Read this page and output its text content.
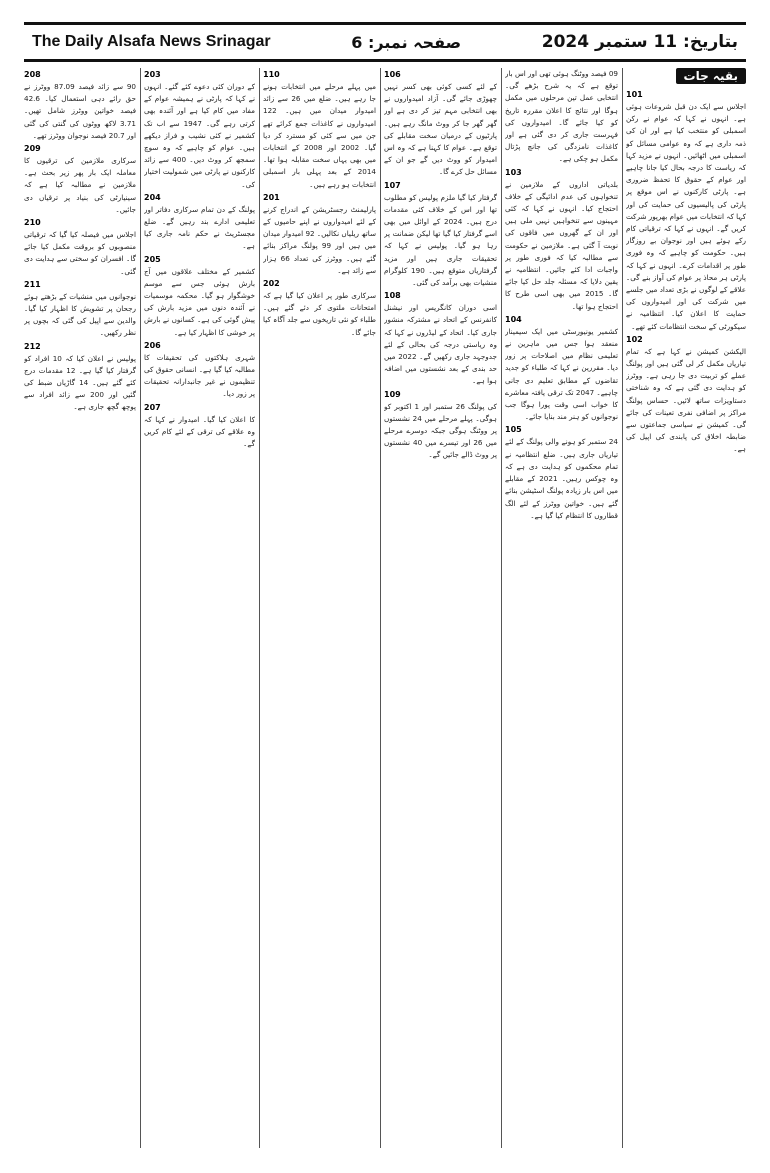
The Daily Alsafa News Srinagar	صفحہ نمبر: 6	بتاریخ: 11 ستمبر 2024
بقیہ جات
101

اجلاس سے ایک دن قبل شروعات ہوئی ہے۔ انہوں نے کہا کہ عوام نے رکن اسمبلی کو منتخب کیا ہے اور ان کی ذمہ داری ہے کہ وہ عوامی مسائل کو اسمبلی میں اٹھائیں۔ انہوں نے مزید کہا کہ ریاست کا درجہ بحال کیا جانا چاہیے اور عوام کے حقوق کا تحفظ ضروری ہے۔ پارٹی کارکنوں نے اس موقع پر پارٹی کی پالیسیوں کی حمایت کی اور کہا کہ انتخابات میں عوام بھرپور شرکت کریں گے۔ انہوں نے کہا کہ ترقیاتی کام رکے ہوئے ہیں اور نوجوان بے روزگار ہیں۔ حکومت کو چاہیے کہ وہ فوری طور پر اقدامات کرے۔ انہوں نے کہا کہ پارٹی ہر محاذ پر عوام کی آواز بنے گی۔ علاقے کے لوگوں نے بڑی تعداد میں جلسے میں شرکت کی اور امیدواروں کی حمایت کا اعلان کیا۔ انتظامیہ نے سیکورٹی کے سخت انتظامات کئے تھے۔

102

الیکشن کمیشن نے کہا ہے کہ تمام تیاریاں مکمل کر لی گئی ہیں اور پولنگ عملے کو تربیت دی جا رہی ہے۔ ووٹرز کو ہدایت دی گئی ہے کہ وہ شناختی دستاویزات ساتھ لائیں۔ حساس پولنگ مراکز پر اضافی نفری تعینات کی جائے گی۔ کمیشن نے سیاسی جماعتوں سے ضابطہ اخلاق کی پابندی کی اپیل کی ہے۔

09 فیصد ووٹنگ ہوئی تھی اور اس بار توقع ہے کہ یہ شرح بڑھے گی۔ انتخابی عمل تین مرحلوں میں مکمل ہوگا اور نتائج کا اعلان مقررہ تاریخ کو کیا جائے گا۔ امیدواروں کی فہرست جاری کر دی گئی ہے اور کاغذات نامزدگی کی جانچ پڑتال مکمل ہو چکی ہے۔

103

بلدیاتی اداروں کے ملازمین نے تنخواہوں کی عدم ادائیگی کے خلاف احتجاج کیا۔ انہوں نے کہا کہ کئی مہینوں سے تنخواہیں نہیں ملی ہیں اور ان کے گھروں میں فاقوں کی نوبت آ گئی ہے۔ ملازمین نے حکومت سے مطالبہ کیا کہ فوری طور پر واجبات ادا کئے جائیں۔ انتظامیہ نے یقین دلایا کہ مسئلہ جلد حل کیا جائے گا۔ 2015 میں بھی اسی طرح کا احتجاج ہوا تھا۔

104

کشمیر یونیورسٹی میں ایک سیمینار منعقد ہوا جس میں ماہرین نے تعلیمی نظام میں اصلاحات پر زور دیا۔ مقررین نے کہا کہ طلباء کو جدید تقاضوں کے مطابق تعلیم دی جانی چاہیے۔ 2047 تک ترقی یافتہ معاشرے کا خواب اسی وقت پورا ہوگا جب نوجوانوں کو ہنر مند بنایا جائے۔

105

24 ستمبر کو ہونے والی پولنگ کے لئے تیاریاں جاری ہیں۔ ضلع انتظامیہ نے تمام محکموں کو ہدایت دی ہے کہ وہ چوکس رہیں۔ 2021 کے مقابلے میں اس بار زیادہ پولنگ اسٹیشن بنائے گئے ہیں۔ خواتین ووٹرز کے لئے الگ قطاروں کا انتظام کیا گیا ہے۔

106

کے لئے کسی کوئی بھی کسر نہیں چھوڑی جائے گی۔ آزاد امیدواروں نے بھی انتخابی مہم تیز کر دی ہے اور گھر گھر جا کر ووٹ مانگ رہے ہیں۔ پارٹیوں کے درمیان سخت مقابلے کی توقع ہے۔ عوام کا کہنا ہے کہ وہ اس امیدوار کو ووٹ دیں گے جو ان کے مسائل حل کرے گا۔

107

گرفتار کیا گیا ملزم پولیس کو مطلوب تھا اور اس کے خلاف کئی مقدمات درج ہیں۔ 2024 کے اوائل میں بھی اسے گرفتار کیا گیا تھا لیکن ضمانت پر رہا ہو گیا۔ پولیس نے کہا کہ تحقیقات جاری ہیں اور مزید گرفتاریاں متوقع ہیں۔ 190 کلوگرام منشیات بھی برآمد کی گئی۔

108

اسی دوران کانگریس اور نیشنل کانفرنس کے اتحاد نے مشترکہ منشور جاری کیا۔ اتحاد کے لیڈروں نے کہا کہ وہ ریاستی درجہ کی بحالی کے لئے جدوجہد جاری رکھیں گے۔ 2022 میں حد بندی کے بعد نشستوں میں اضافہ ہوا ہے۔

109

کی پولنگ 26 ستمبر اور 1 اکتوبر کو ہوگی۔ پہلے مرحلے میں 24 نشستوں پر ووٹنگ ہوگی جبکہ دوسرے مرحلے میں 26 اور تیسرے میں 40 نشستوں پر ووٹ ڈالے جائیں گے۔

110

میں پہلے مرحلے میں انتخابات ہونے جا رہے ہیں۔ ضلع میں 26 سے زائد امیدوار میدان میں ہیں۔ 122 امیدواروں نے کاغذات جمع کرائے تھے جن میں سے کئی کو مسترد کر دیا گیا۔ 2002 اور 2008 کے انتخابات میں بھی یہاں سخت مقابلہ ہوا تھا۔ 2014 کے بعد پہلی بار اسمبلی انتخابات ہو رہے ہیں۔

201

پارلیمنٹ رجسٹریشن کے اندراج کرنے کے لئے امیدواروں نے اپنے حامیوں کے ساتھ ریلیاں نکالیں۔ 92 امیدوار میدان میں ہیں اور 99 پولنگ مراکز بنائے گئے ہیں۔ ووٹرز کی تعداد 66 ہزار سے زائد ہے۔

202

سرکاری طور پر اعلان کیا گیا ہے کہ امتحانات ملتوی کر دئے گئے ہیں۔ طلباء کو نئی تاریخوں سے جلد آگاہ کیا جائے گا۔

203

کے دوران کئی دعوے کئے گئے۔ انہوں نے کہا کہ پارٹی نے ہمیشہ عوام کے مفاد میں کام کیا ہے اور آئندہ بھی کرتی رہے گی۔ 1947 سے اب تک کشمیر نے کئی نشیب و فراز دیکھے ہیں۔ عوام کو چاہیے کہ وہ سوچ سمجھ کر ووٹ دیں۔ 400 سے زائد کارکنوں نے پارٹی میں شمولیت اختیار کی۔

204

پولنگ کے دن تمام سرکاری دفاتر اور تعلیمی ادارے بند رہیں گے۔ ضلع مجسٹریٹ نے حکم نامہ جاری کیا ہے۔

205

کشمیر کے مختلف علاقوں میں آج بارش ہوئی جس سے موسم خوشگوار ہو گیا۔ محکمہ موسمیات نے آئندہ دنوں میں مزید بارش کی پیش گوئی کی ہے۔ کسانوں نے بارش پر خوشی کا اظہار کیا ہے۔

206

شہری ہلاکتوں کی تحقیقات کا مطالبہ کیا گیا ہے۔ انسانی حقوق کی تنظیموں نے غیر جانبدارانہ تحقیقات پر زور دیا۔

207

کا اعلان کیا گیا۔ امیدوار نے کہا کہ وہ علاقے کی ترقی کے لئے کام کریں گے۔

208

90 سے زائد فیصد 87.09 ووٹرز نے حق رائے دہی استعمال کیا۔ 42.6 فیصد خواتین ووٹرز شامل تھیں۔ 3.71 لاکھ ووٹوں کی گنتی کی گئی اور 20.7 فیصد نوجوان ووٹرز تھے۔

209

سرکاری ملازمین کی ترقیوں کا معاملہ ایک بار پھر زیر بحث ہے۔ ملازمین نے مطالبہ کیا ہے کہ سینیارٹی کی بنیاد پر ترقیاں دی جائیں۔

210

اجلاس میں فیصلہ کیا گیا کہ ترقیاتی منصوبوں کو بروقت مکمل کیا جائے گا۔ افسران کو سختی سے ہدایت دی گئی۔

211

نوجوانوں میں منشیات کے بڑھتے ہوئے رجحان پر تشویش کا اظہار کیا گیا۔ والدین سے اپیل کی گئی کہ بچوں پر نظر رکھیں۔

212

پولیس نے اعلان کیا کہ 10 افراد کو گرفتار کیا گیا ہے۔ 12 مقدمات درج کئے گئے ہیں۔ 14 گاڑیاں ضبط کی گئیں اور 200 سے زائد افراد سے پوچھ گچھ جاری ہے۔
